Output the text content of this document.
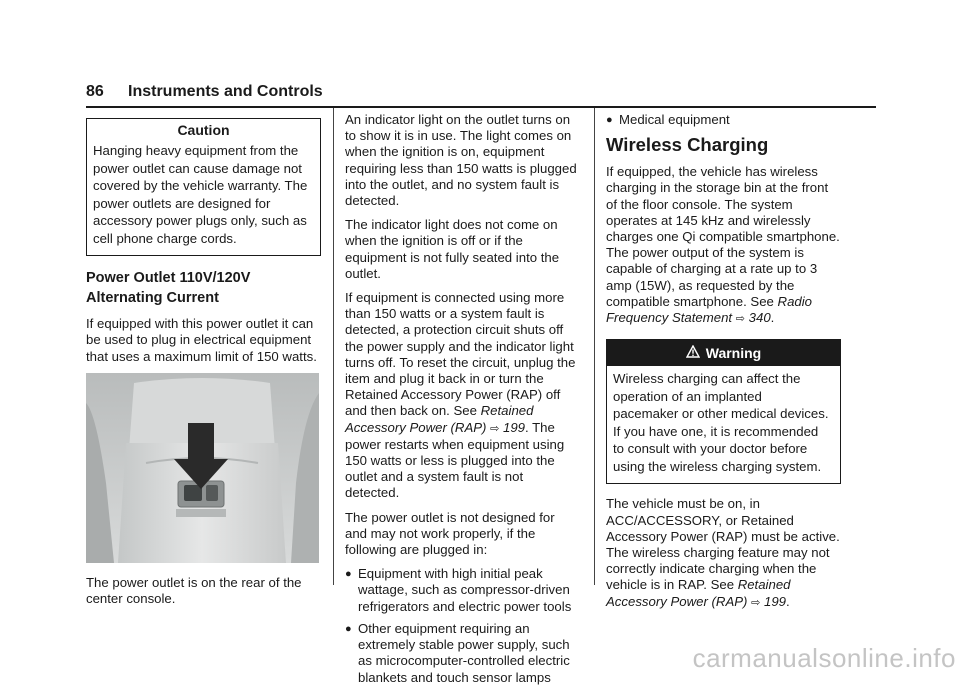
86 Instruments and Controls
Caution
Hanging heavy equipment from the power outlet can cause damage not covered by the vehicle warranty. The power outlets are designed for accessory power plugs only, such as cell phone charge cords.
Power Outlet 110V/120V Alternating Current

If equipped with this power outlet it can be used to plug in electrical equipment that uses a maximum limit of 150 watts.

The power outlet is on the rear of the center console.

An indicator light on the outlet turns on to show it is in use. The light comes on when the ignition is on, equipment requiring less than 150 watts is plugged into the outlet, and no system fault is detected.

The indicator light does not come on when the ignition is off or if the equipment is not fully seated into the outlet.

If equipment is connected using more than 150 watts or a system fault is detected, a protection circuit shuts off the power supply and the indicator light turns off. To reset the circuit, unplug the item and plug it back in or turn the Retained Accessory Power (RAP) off and then back on. See Retained Accessory Power (RAP) ⇨ 199. The power restarts when equipment using 150 watts or less is plugged into the outlet and a system fault is not detected.

The power outlet is not designed for and may not work properly, if the following are plugged in:

● Equipment with high initial peak wattage, such as compressor-driven refrigerators and electric power tools
● Other equipment requiring an extremely stable power supply, such as microcomputer-controlled electric blankets and touch sensor lamps
● Medical equipment
Wireless Charging

If equipped, the vehicle has wireless charging in the storage bin at the front of the floor console. The system operates at 145 kHz and wirelessly charges one Qi compatible smartphone. The power output of the system is capable of charging at a rate up to 3 amp (15W), as requested by the compatible smartphone. See Radio Frequency Statement ⇨ 340.

Warning
Wireless charging can affect the operation of an implanted pacemaker or other medical devices. If you have one, it is recommended to consult with your doctor before using the wireless charging system.

The vehicle must be on, in ACC/ACCESSORY, or Retained Accessory Power (RAP) must be active. The wireless charging feature may not correctly indicate charging when the vehicle is in RAP. See Retained Accessory Power (RAP) ⇨ 199.

carmanualsonline.info
